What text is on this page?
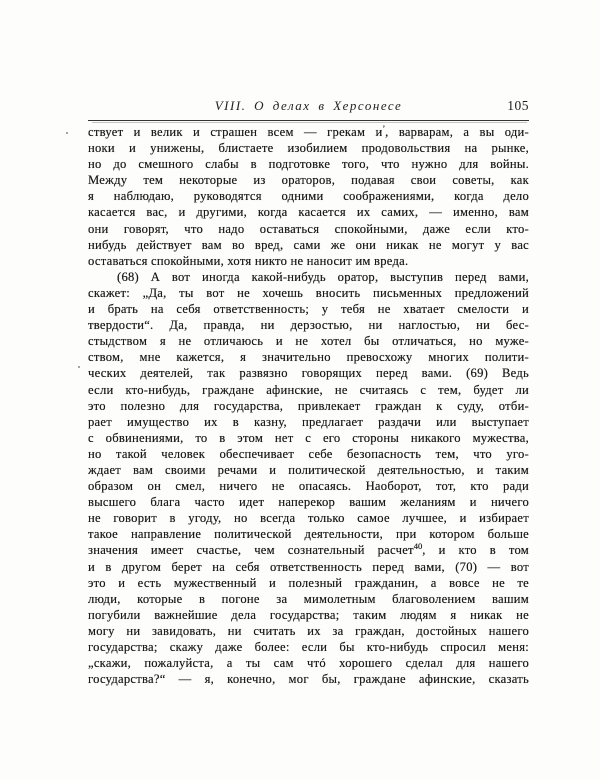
VIII. О делах в Херсонесе	105
ствует и велик и страшен всем — грекам $и^ʼ$, варварам, а вы оди-
ноки и унижены, блистаете изобилием продовольствия на рынке,
но до смешного слабы в подготовке того, что нужно для войны.
Между тем некоторые из ораторов, подавая свои советы, как
я наблюдаю, руководятся одними соображениями, когда дело
касается вас, и другими, когда касается их самих, — именно, вам
они говорят, что надо оставаться спокойными, даже если кто-
нибудь действует вам во вред, сами же они никак не могут у вас
оставаться спокойными, хотя никто не наносит им вреда.
(68) А вот иногда какой-нибудь оратор, выступив перед вами,
скажет: „Да, ты вот не хочешь вносить письменных предложений
и брать на себя ответственность; у тебя не хватает смелости и
твердости“. Да, правда, ни дерзостью, ни наглостью, ни бес-
стыдством я не отличаюсь и не хотел бы отличаться, но муже-
ством, мне кажется, я значительно превосхожу многих полити-
ческих деятелей, так развязно говорящих перед вами. (69) Ведь
если кто-нибудь, граждане афинские, не считаясь с тем, будет ли
это полезно для государства, привлекает граждан к суду, отби-
рает имущество их в казну, предлагает раздачи или выступает
с обвинениями, то в этом нет с его стороны никакого мужества,
но такой человек обеспечивает себе безопасность тем, что уго-
ждает вам своими речами и политической деятельностью, и таким
образом он смел, ничего не опасаясь. Наоборот, тот, кто ради
высшего блага часто идет наперекор вашим желаниям и ничего
не говорит в угоду, но всегда только самое лучшее, и избирает
такое направление политической деятельности, при котором больше
значения имеет счастье, чем сознательный расчет$^{40}$, и кто в том
и в другом берет на себя ответственность перед вами, (70) — вот
это и есть мужественный и полезный гражданин, а вовсе не те
люди, которые в погоне за мимолетным благоволением вашим
погубили важнейшие дела государства; таким людям я никак не
могу ни завидовать, ни считать их за граждан, достойных нашего
государства; скажу даже более: если бы кто-нибудь спросил меня:
„скажи, пожалуйста, а ты сам чтó хорошего сделал для нашего
государства?“ — я, конечно, мог бы, граждане афинские, сказать
